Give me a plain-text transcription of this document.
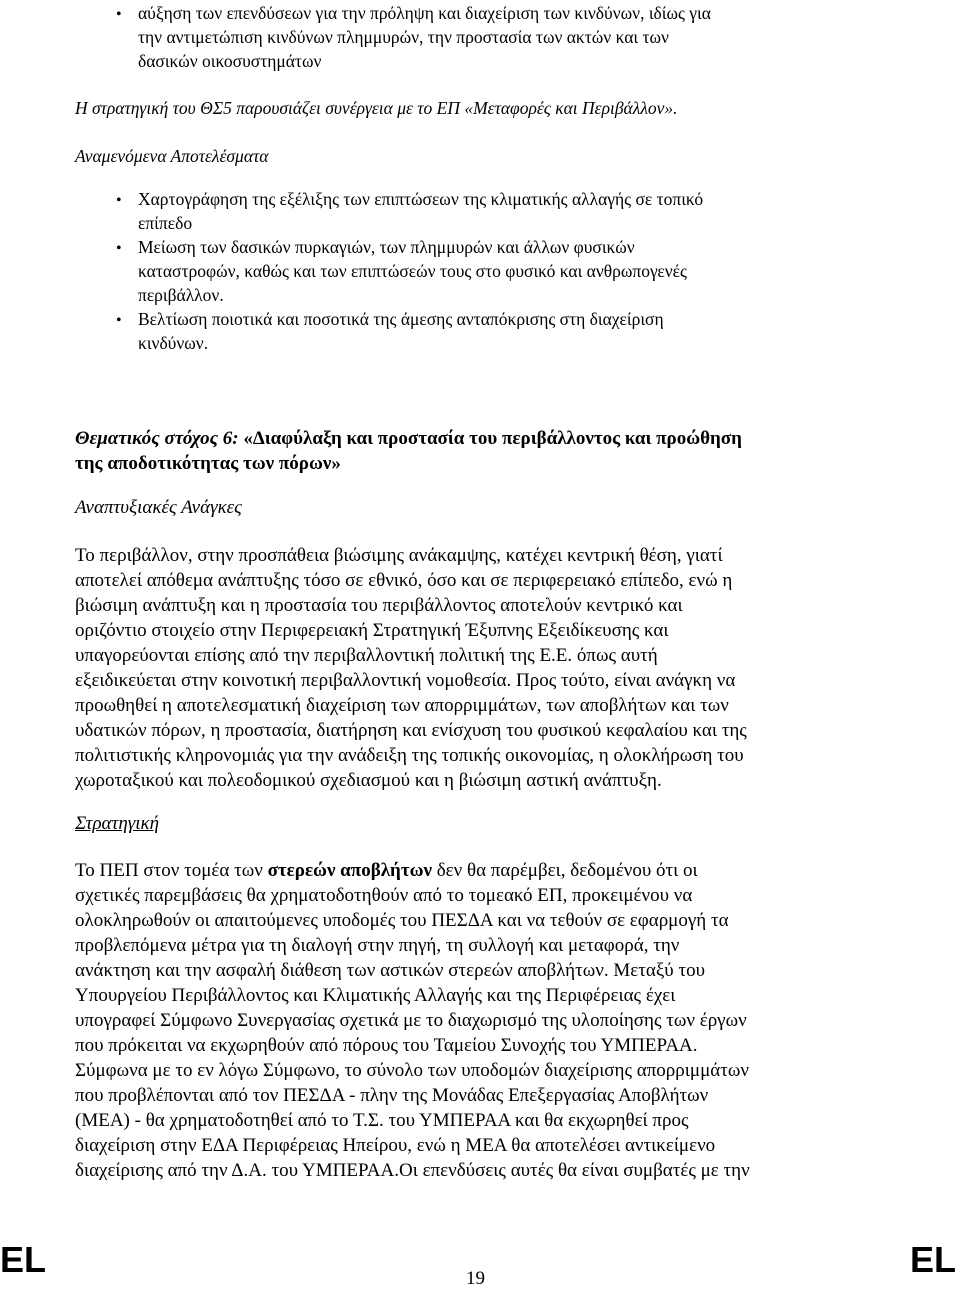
• αύξηση των επενδύσεων για την πρόληψη και διαχείριση των κινδύνων, ιδίως για
την αντιμετώπιση κινδύνων πλημμυρών, την προστασία των ακτών και των
δασικών οικοσυστημάτων
Η στρατηγική του ΘΣ5 παρουσιάζει συνέργεια με το ΕΠ «Μεταφορές και Περιβάλλον».
Αναμενόμενα Αποτελέσματα
• Χαρτογράφηση της εξέλιξης των επιπτώσεων της κλιματικής αλλαγής σε τοπικό
επίπεδο
• Μείωση των δασικών πυρκαγιών, των πλημμυρών και άλλων φυσικών
καταστροφών, καθώς και των επιπτώσεών τους στο φυσικό και ανθρωπογενές
περιβάλλον.
• Βελτίωση ποιοτικά και ποσοτικά της άμεσης ανταπόκρισης στη διαχείριση
κινδύνων.
Θεματικός στόχος 6: «Διαφύλαξη και προστασία του περιβάλλοντος και προώθηση
της αποδοτικότητας των πόρων»
Αναπτυξιακές Ανάγκες
Το περιβάλλον, στην προσπάθεια βιώσιμης ανάκαμψης, κατέχει κεντρική θέση, γιατί
αποτελεί απόθεμα ανάπτυξης τόσο σε εθνικό, όσο και σε περιφερειακό επίπεδο, ενώ η
βιώσιμη ανάπτυξη και η προστασία του περιβάλλοντος αποτελούν κεντρικό και
οριζόντιο στοιχείο στην Περιφερειακή Στρατηγική Έξυπνης Εξειδίκευσης και
υπαγορεύονται επίσης από την περιβαλλοντική πολιτική της Ε.Ε. όπως αυτή
εξειδικεύεται στην κοινοτική περιβαλλοντική νομοθεσία. Προς τούτο, είναι ανάγκη να
προωθηθεί η αποτελεσματική διαχείριση των απορριμμάτων, των αποβλήτων και των
υδατικών πόρων, η προστασία, διατήρηση και ενίσχυση του φυσικού κεφαλαίου και της
πολιτιστικής κληρονομιάς για την ανάδειξη της τοπικής οικονομίας, η ολοκλήρωση του
χωροταξικού και πολεοδομικού σχεδιασμού και η βιώσιμη αστική ανάπτυξη.
Στρατηγική
Το ΠΕΠ στον τομέα των στερεών αποβλήτων δεν θα παρέμβει, δεδομένου ότι οι
σχετικές παρεμβάσεις θα χρηματοδοτηθούν από το τομεακό ΕΠ, προκειμένου να
ολοκληρωθούν οι απαιτούμενες υποδομές του ΠΕΣΔΑ και να τεθούν σε εφαρμογή τα
προβλεπόμενα μέτρα για τη διαλογή στην πηγή, τη συλλογή και μεταφορά, την
ανάκτηση και την ασφαλή διάθεση των αστικών στερεών αποβλήτων. Μεταξύ του
Υπουργείου Περιβάλλοντος και Κλιματικής Αλλαγής και της Περιφέρειας έχει
υπογραφεί Σύμφωνο Συνεργασίας σχετικά με το διαχωρισμό της υλοποίησης των έργων
που πρόκειται να εκχωρηθούν από πόρους του Ταμείου Συνοχής του ΥΜΠΕΡΑΑ.
Σύμφωνα με το εν λόγω Σύμφωνο, το σύνολο των υποδομών διαχείρισης απορριμμάτων
που προβλέπονται από τον ΠΕΣΔΑ - πλην της Μονάδας Επεξεργασίας Αποβλήτων
(ΜΕΑ) - θα χρηματοδοτηθεί από το Τ.Σ. του ΥΜΠΕΡΑΑ και θα εκχωρηθεί προς
διαχείριση στην ΕΔΑ Περιφέρειας Ηπείρου, ενώ η ΜΕΑ θα αποτελέσει αντικείμενο
διαχείρισης από την Δ.Α. του ΥΜΠΕΡΑΑ.Οι επενδύσεις αυτές θα είναι συμβατές με την
EL	19	EL
